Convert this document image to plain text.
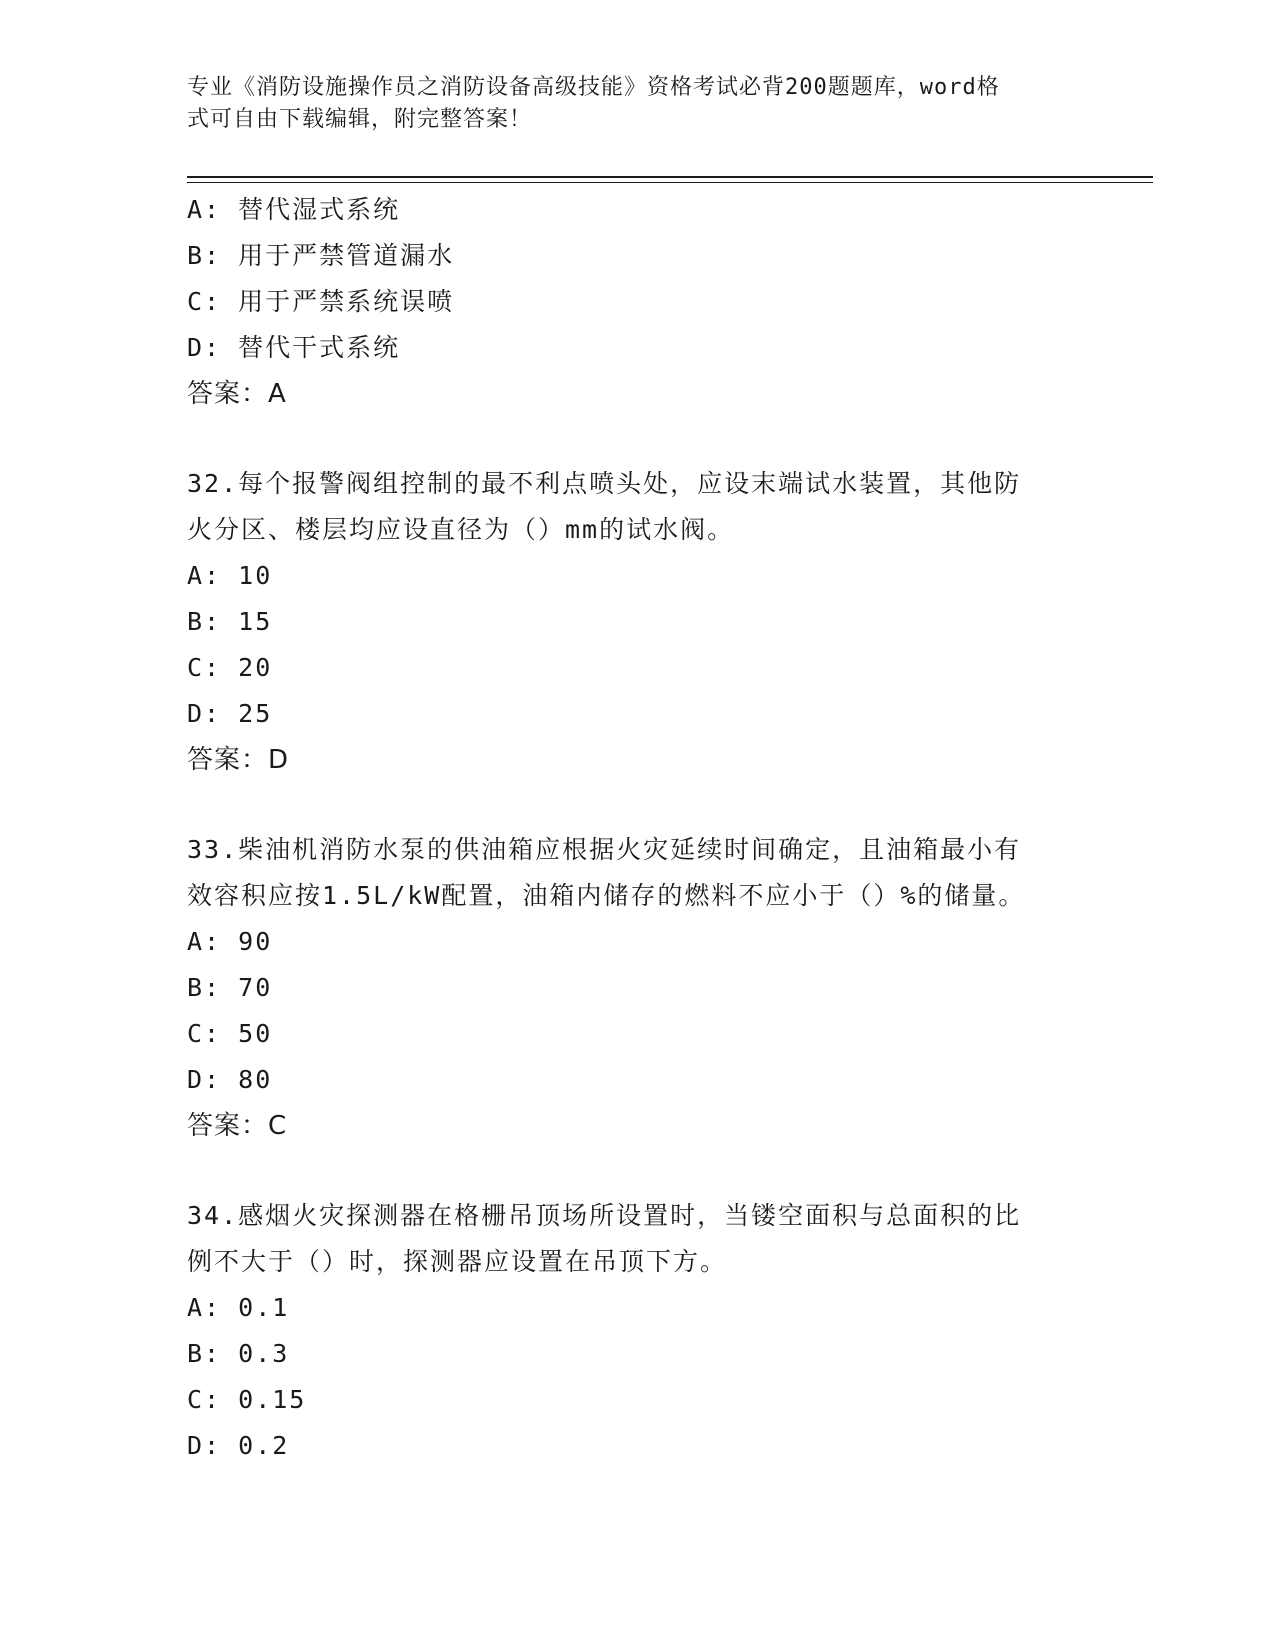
专业《消防设施操作员之消防设备高级技能》资格考试必背200题题库，word格
式可自由下载编辑，附完整答案！
A: 替代湿式系统
B: 用于严禁管道漏水
C: 用于严禁系统误喷
D: 替代干式系统
答案：A
32.每个报警阀组控制的最不利点喷头处，应设末端试水装置，其他防
火分区、楼层均应设直径为（）mm的试水阀。
A: 10
B: 15
C: 20
D: 25
答案：D
33.柴油机消防水泵的供油箱应根据火灾延续时间确定，且油箱最小有
效容积应按1.5L/kW配置，油箱内储存的燃料不应小于（）%的储量。
A: 90
B: 70
C: 50
D: 80
答案：C
34.感烟火灾探测器在格栅吊顶场所设置时，当镂空面积与总面积的比
例不大于（）时，探测器应设置在吊顶下方。
A: 0.1
B: 0.3
C: 0.15
D: 0.2
